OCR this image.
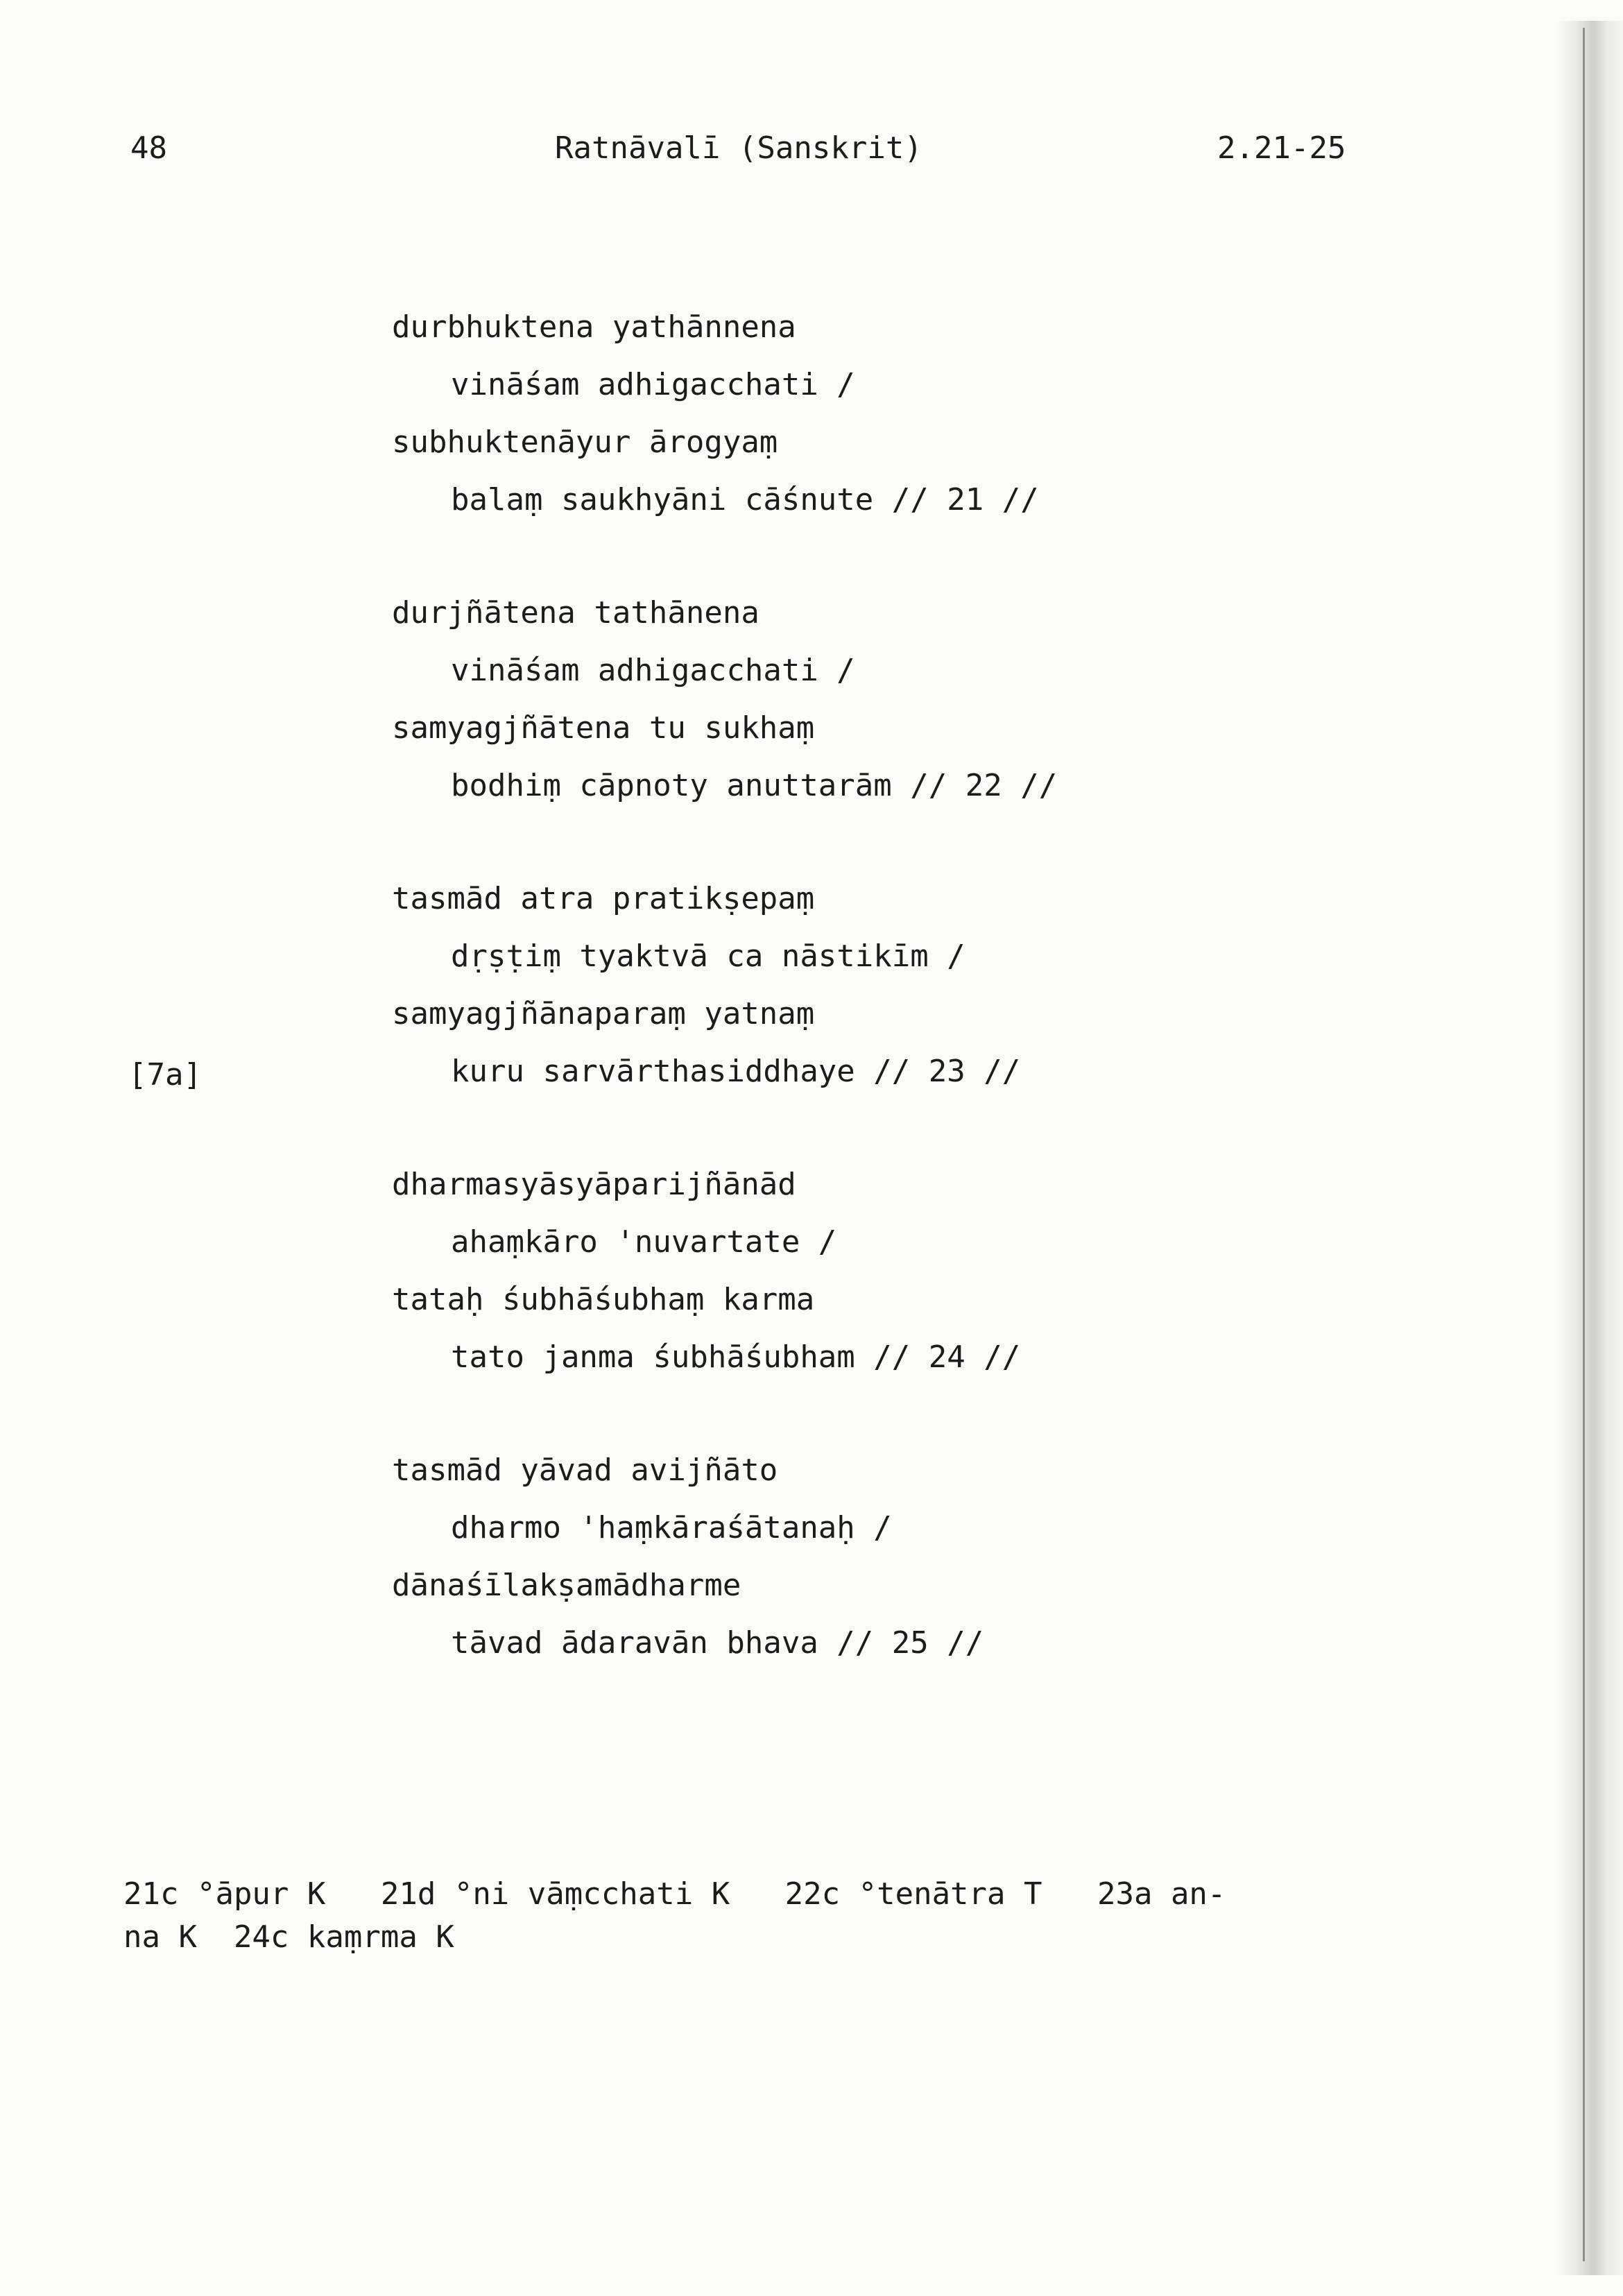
48	Ratnāvalī (Sanskrit)	2.21-25
[7a]
durbhuktena yathānnena
vināśam adhigacchati /
subhuktenāyur ārogyaṃ
balaṃ saukhyāni cāśnute // 21 //
durjñātena tathānena
vināśam adhigacchati /
samyagjñātena tu sukhaṃ
bodhiṃ cāpnoty anuttarām // 22 //
tasmād atra pratikṣepaṃ
dṛṣṭiṃ tyaktvā ca nāstikīm /
samyagjñānaparaṃ yatnaṃ
kuru sarvārthasiddhaye // 23 //
dharmasyāsyāparijñānād
ahaṃkāro 'nuvartate /
tataḥ śubhāśubhaṃ karma
tato janma śubhāśubham // 24 //
tasmād yāvad avijñāto
dharmo 'haṃkāraśātanaḥ /
dānaśīlakṣamādharme
tāvad ādaravān bhava // 25 //
21c °āpur K   21d °ni vāṃcchati K   22c °tenātra T   23a an-
na K  24c kaṃrma K
